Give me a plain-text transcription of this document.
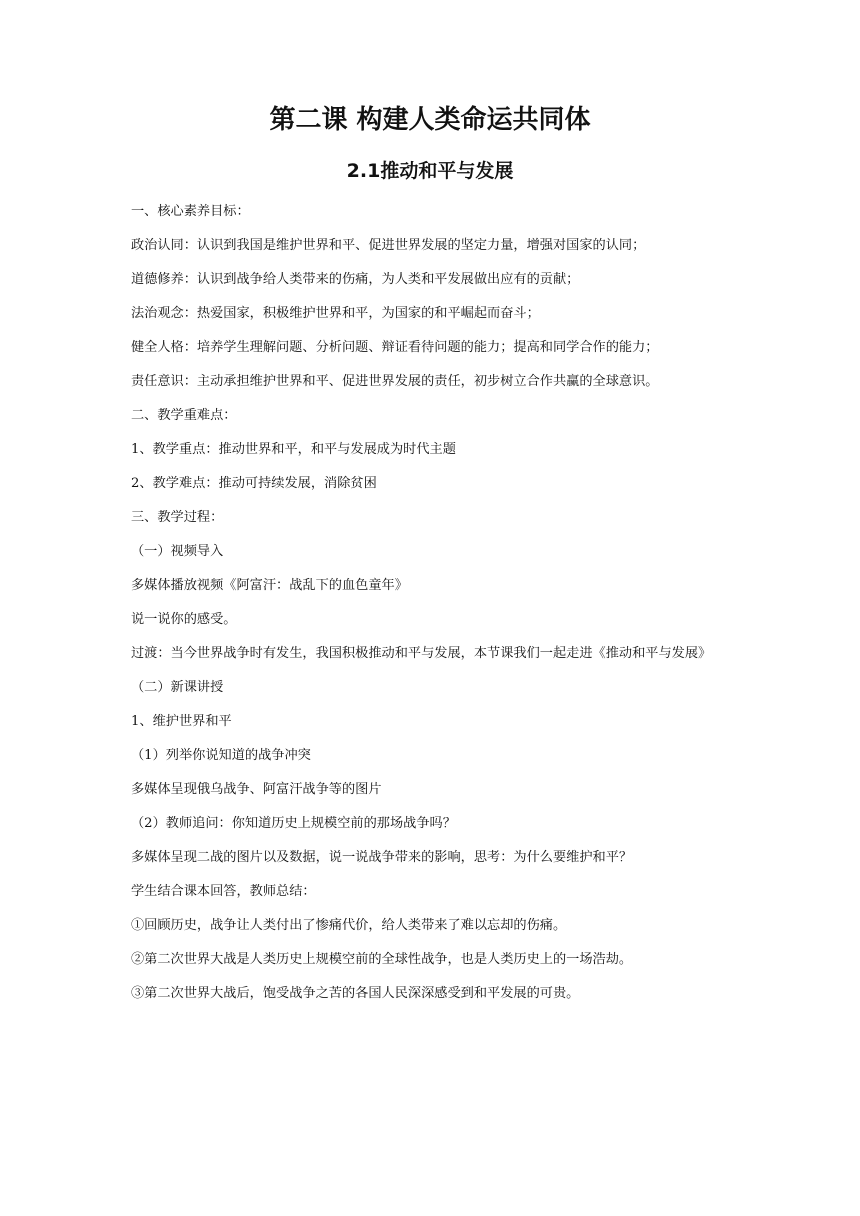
第二课 构建人类命运共同体
2.1推动和平与发展

一、核心素养目标：

政治认同：认识到我国是维护世界和平、促进世界发展的坚定力量，增强对国家的认同；

道德修养：认识到战争给人类带来的伤痛，为人类和平发展做出应有的贡献；

法治观念：热爱国家，积极维护世界和平，为国家的和平崛起而奋斗；

健全人格：培养学生理解问题、分析问题、辩证看待问题的能力；提高和同学合作的能力；

责任意识：主动承担维护世界和平、促进世界发展的责任，初步树立合作共赢的全球意识。

二、教学重难点：

1、教学重点：推动世界和平，和平与发展成为时代主题

2、教学难点：推动可持续发展，消除贫困

三、教学过程：

（一）视频导入

多媒体播放视频《阿富汗：战乱下的血色童年》

说一说你的感受。

过渡：当今世界战争时有发生，我国积极推动和平与发展，本节课我们一起走进《推动和平与发展》

（二）新课讲授

1、维护世界和平

（1）列举你说知道的战争冲突

多媒体呈现俄乌战争、阿富汗战争等的图片

（2）教师追问：你知道历史上规模空前的那场战争吗？

多媒体呈现二战的图片以及数据，说一说战争带来的影响，思考：为什么要维护和平？

学生结合课本回答，教师总结：

①回顾历史，战争让人类付出了惨痛代价，给人类带来了难以忘却的伤痛。

②第二次世界大战是人类历史上规模空前的全球性战争，也是人类历史上的一场浩劫。

③第二次世界大战后，饱受战争之苦的各国人民深深感受到和平发展的可贵。
